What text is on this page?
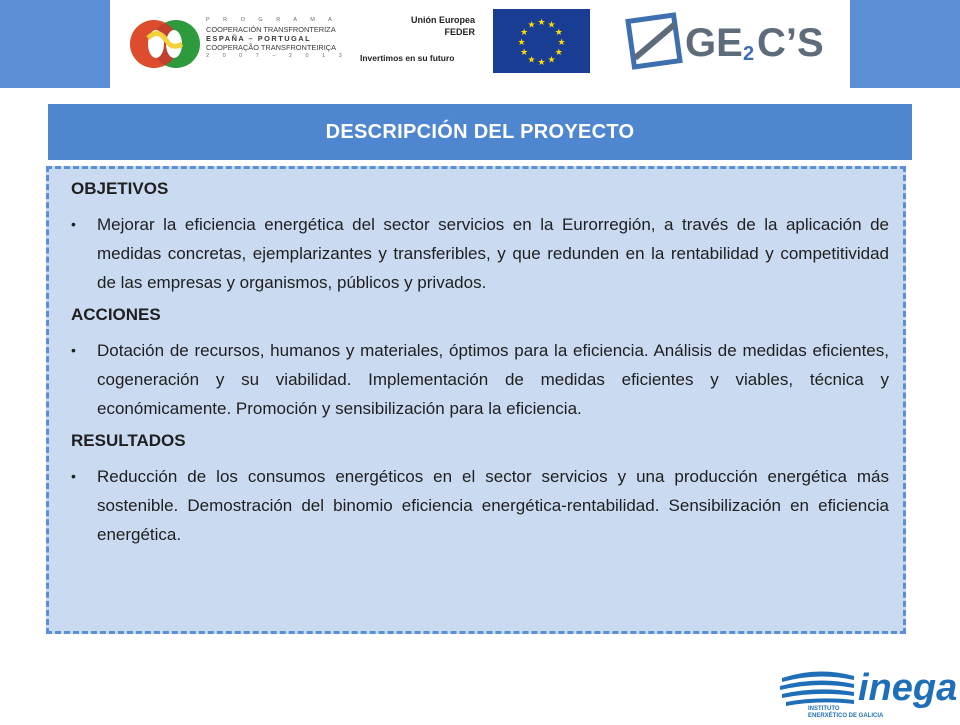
P R O G R A M A
COOPERACIÓN TRANSFRONTERIZA
ESPAÑA – PORTUGAL
COOPERAÇÃO TRANSFRONTEIRIÇA
2 0 0 7 – 2 0 1 3
Unión Europea
FEDER
Invertimos en su futuro
★ ★
★
★
★
★
★
★
★
★
★
★	GE 2 C’S
DESCRIPCIÓN DEL PROYECTO
OBJETIVOS
•	Mejorar la eficiencia energética del sector servicios en la Eurorregión, a través de la aplicación de medidas concretas, ejemplarizantes y transferibles, y que redunden en la rentabilidad y competitividad de las empresas y organismos, públicos y privados.
ACCIONES
•	Dotación de recursos, humanos y materiales, óptimos para la eficiencia. Análisis de medidas eficientes, cogeneración y su viabilidad. Implementación de medidas eficientes y viables, técnica y económicamente. Promoción y sensibilización para la eficiencia.
RESULTADOS
•	Reducción de los consumos energéticos en el sector servicios y una producción energética más sostenible. Demostración del binomio eficiencia energética-rentabilidad. Sensibilización en eficiencia energética.
inega
INSTITUTO
ENERXÉTICO DE GALICIA
